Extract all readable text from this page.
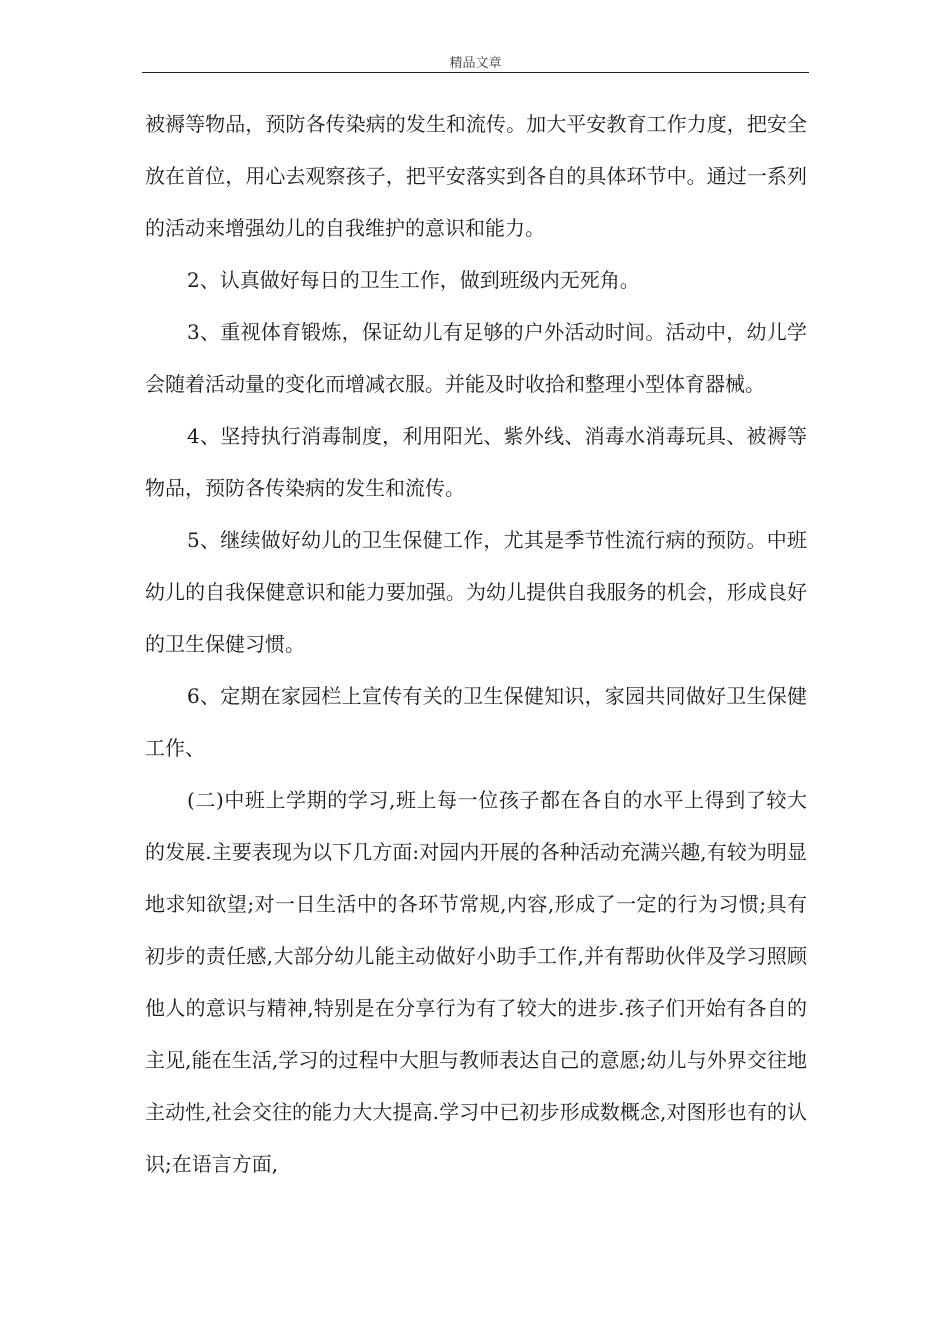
精品文章

被褥等物品，预防各传染病的发生和流传。加大平安教育工作力度，把安全放在首位，用心去观察孩子，把平安落实到各自的具体环节中。通过一系列的活动来增强幼儿的自我维护的意识和能力。

2、认真做好每日的卫生工作，做到班级内无死角。

3、重视体育锻炼，保证幼儿有足够的户外活动时间。活动中，幼儿学会随着活动量的变化而增减衣服。并能及时收拾和整理小型体育器械。

4、坚持执行消毒制度，利用阳光、紫外线、消毒水消毒玩具、被褥等物品，预防各传染病的发生和流传。

5、继续做好幼儿的卫生保健工作，尤其是季节性流行病的预防。中班幼儿的自我保健意识和能力要加强。为幼儿提供自我服务的机会，形成良好的卫生保健习惯。

6、定期在家园栏上宣传有关的卫生保健知识，家园共同做好卫生保健工作、

(二)中班上学期的学习,班上每一位孩子都在各自的水平上得到了较大的发展.主要表现为以下几方面:对园内开展的各种活动充满兴趣,有较为明显地求知欲望;对一日生活中的各环节常规,内容,形成了一定的行为习惯;具有初步的责任感,大部分幼儿能主动做好小助手工作,并有帮助伙伴及学习照顾他人的意识与精神,特别是在分享行为有了较大的进步.孩子们开始有各自的主见,能在生活,学习的过程中大胆与教师表达自己的意愿;幼儿与外界交往地主动性,社会交往的能力大大提高.学习中已初步形成数概念,对图形也有的认识;在语言方面,
